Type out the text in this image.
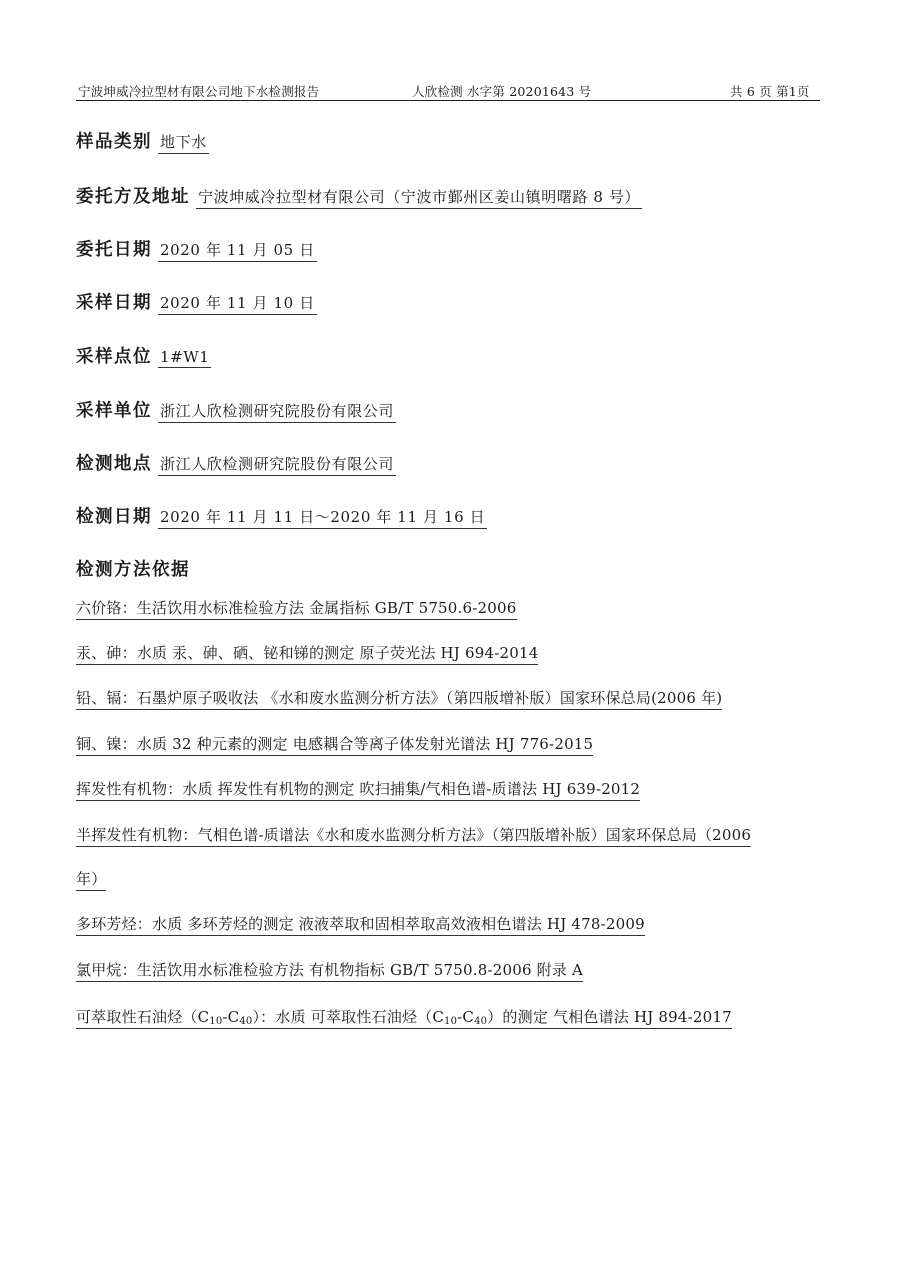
宁波坤威冷拉型材有限公司地下水检测报告	人欣检测 水字第 20201643 号	共 6 页 第1页
样品类别 地下水
委托方及地址 宁波坤威冷拉型材有限公司（宁波市鄞州区姜山镇明曙路 8 号）
委托日期 2020 年 11 月 05 日
采样日期 2020 年 11 月 10 日
采样点位 1#W1
采样单位 浙江人欣检测研究院股份有限公司
检测地点 浙江人欣检测研究院股份有限公司
检测日期 2020 年 11 月 11 日～2020 年 11 月 16 日
检测方法依据
六价铬：生活饮用水标准检验方法 金属指标 GB/T 5750.6-2006
汞、砷：水质 汞、砷、硒、铋和锑的测定 原子荧光法 HJ 694-2014
铅、镉：石墨炉原子吸收法 《水和废水监测分析方法》（第四版增补版）国家环保总局(2006 年)
铜、镍：水质 32 种元素的测定 电感耦合等离子体发射光谱法 HJ 776-2015
挥发性有机物：水质 挥发性有机物的测定 吹扫捕集/气相色谱-质谱法 HJ 639-2012
半挥发性有机物：气相色谱-质谱法《水和废水监测分析方法》（第四版增补版）国家环保总局（2006
年）
多环芳烃：水质 多环芳烃的测定 液液萃取和固相萃取高效液相色谱法 HJ 478-2009
氯甲烷：生活饮用水标准检验方法 有机物指标 GB/T 5750.8-2006 附录 A
可萃取性石油烃$(C_{10}-C_{40})$：水质 可萃取性石油烃$(C_{10}-C_{40})$的测定 气相色谱法 HJ 894-2017
